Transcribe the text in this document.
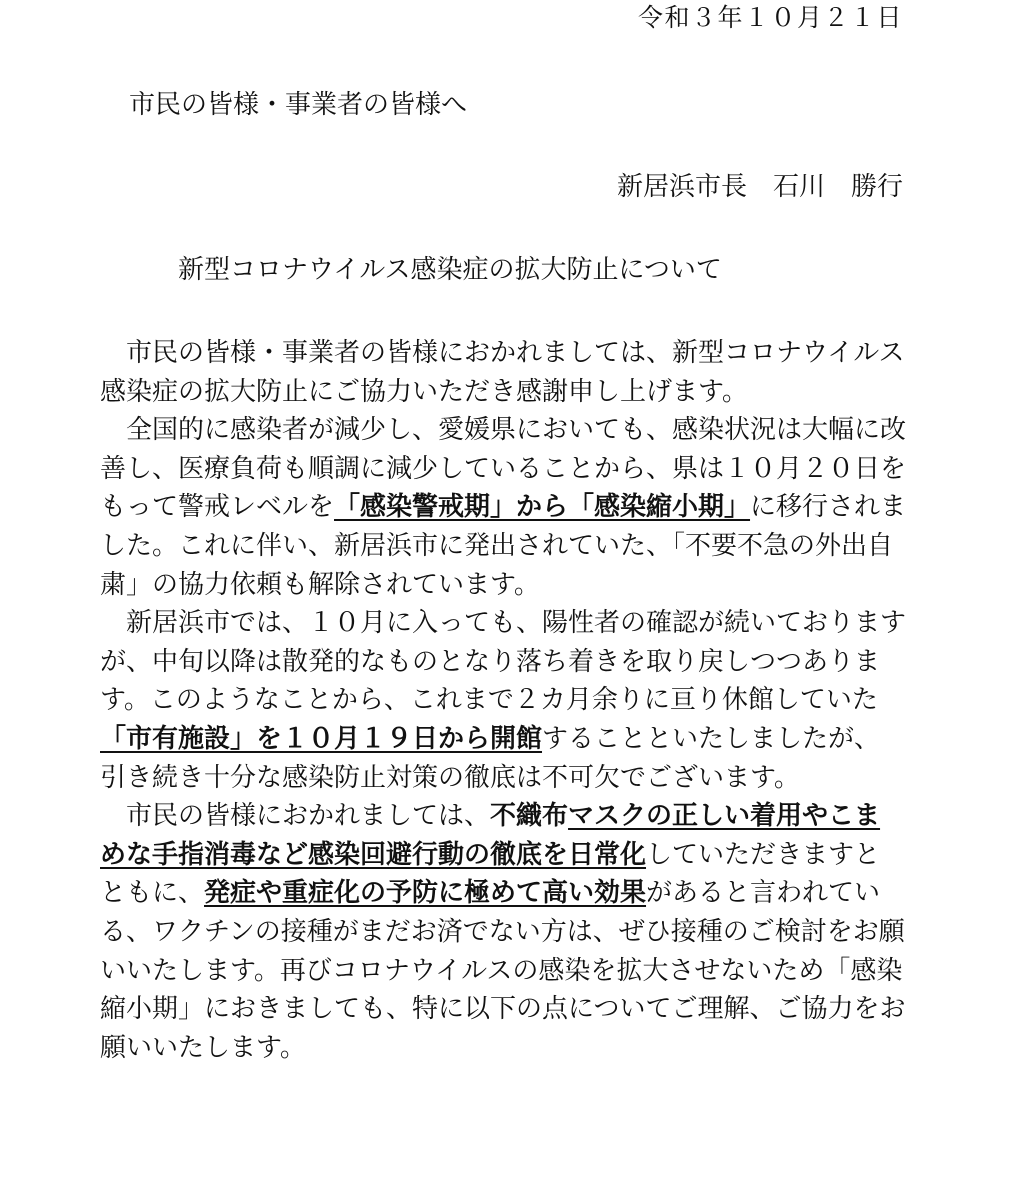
令和３年１０月２１日
市民の皆様・事業者の皆様へ
新居浜市長　 石川　勝行
新型コロナウイルス感染症の拡大防止について
　市民の皆様・事業者の皆様におかれましては、新型コロナウイルス
感染症の拡大防止にご協力いただき感謝申し上げます。
　全国的に感染者が減少し、愛媛県においても、感染状況は大幅に改
善し、医療負荷も順調に減少していることから、県は１０月２０日を
もって警戒レベルを「感染警戒期」から「感染縮小期」に移行されま
した。これに伴い、新居浜市に発出されていた、「不要不急の外出自
粛」の協力依頼も解除されています。
　新居浜市では、１０月に入っても、陽性者の確認が続いております
が、中旬以降は散発的なものとなり落ち着きを取り戻しつつありま
す。このようなことから、これまで２カ月余りに亘り休館していた
「市有施設」を１０月１９日から開館することといたしましたが、
引き続き十分な感染防止対策の徹底は不可欠でございます。
　市民の皆様におかれましては、不織布マスクの正しい着用やこま
めな手指消毒など感染回避行動の徹底を日常化していただきますと
ともに、発症や重症化の予防に極めて高い効果があると言われてい
る、ワクチンの接種がまだお済でない方は、ぜひ接種のご検討をお願
いいたします。再びコロナウイルスの感染を拡大させないため「感染
縮小期」におきましても、特に以下の点についてご理解、ご協力をお
願いいたします。
